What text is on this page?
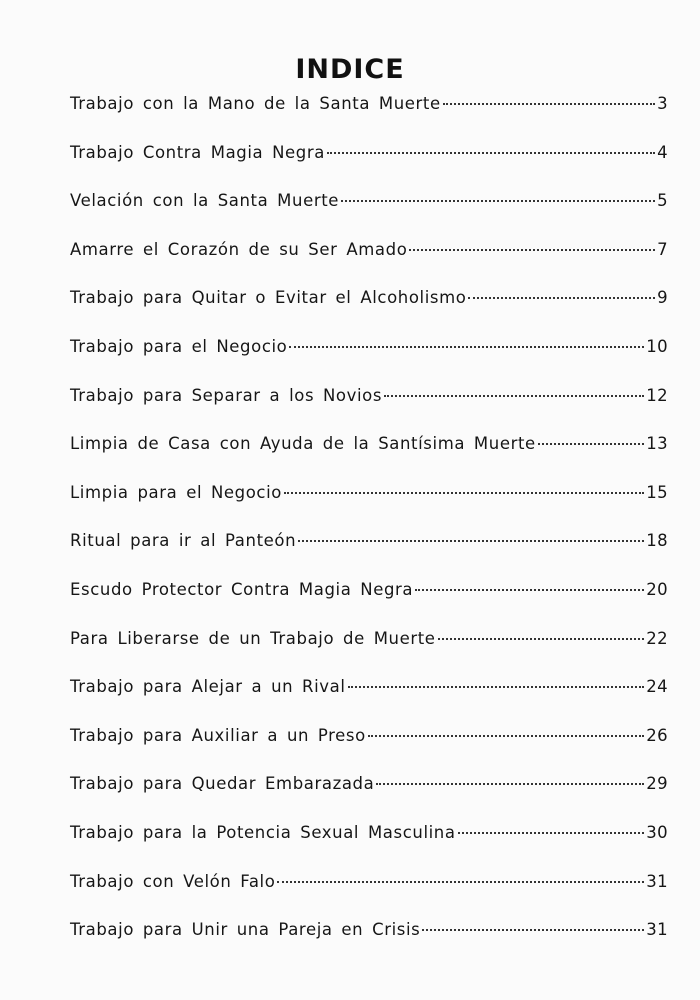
INDICE
Trabajo con la Mano de la Santa Muerte	3
Trabajo Contra Magia Negra	4
Velación con la Santa Muerte	5
Amarre el Corazón de su Ser Amado	7
Trabajo para Quitar o Evitar el Alcoholismo	9
Trabajo para el Negocio	10
Trabajo para Separar a los Novios	12
Limpia de Casa con Ayuda de la Santísima Muerte	13
Limpia para el Negocio	15
Ritual para ir al Panteón	18
Escudo Protector Contra Magia Negra	20
Para Liberarse de un Trabajo de Muerte	22
Trabajo para Alejar a un Rival	24
Trabajo para Auxiliar a un Preso	26
Trabajo para Quedar Embarazada	29
Trabajo para la Potencia Sexual Masculina	30
Trabajo con Velón Falo	31
Trabajo para Unir una Pareja en Crisis	31
